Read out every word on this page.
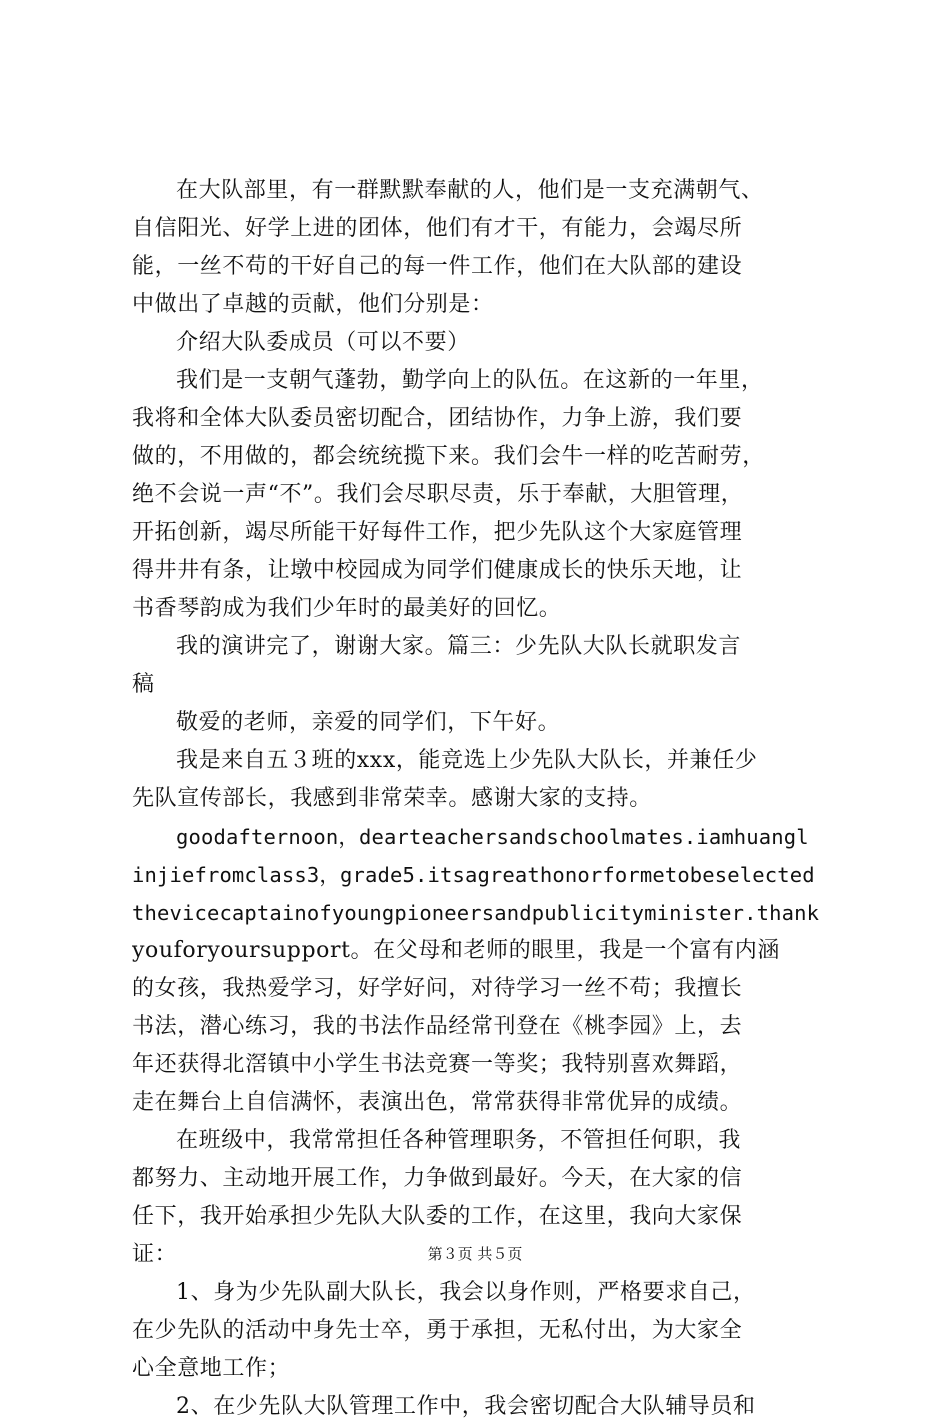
在大队部里，有一群默默奉献的人，他们是一支充满朝气、
自信阳光、好学上进的团体，他们有才干，有能力，会竭尽所
能，一丝不苟的干好自己的每一件工作，他们在大队部的建设
中做出了卓越的贡献，他们分别是：
介绍大队委成员（可以不要）
我们是一支朝气蓬勃，勤学向上的队伍。在这新的一年里，
我将和全体大队委员密切配合，团结协作，力争上游，我们要
做的，不用做的，都会统统揽下来。我们会牛一样的吃苦耐劳，
绝不会说一声“不”。我们会尽职尽责，乐于奉献，大胆管理，
开拓创新，竭尽所能干好每件工作，把少先队这个大家庭管理
得井井有条，让墩中校园成为同学们健康成长的快乐天地，让
书香琴韵成为我们少年时的最美好的回忆。
我的演讲完了，谢谢大家。篇三：少先队大队长就职发言
稿
敬爱的老师，亲爱的同学们，下午好。
我是来自五３班的xxx，能竞选上少先队大队长，并兼任少
先队宣传部长，我感到非常荣幸。感谢大家的支持。
goodafternoon，dearteachersandschoolmates.iamhuangl
injiefromclass3，grade5.itsagreathonorformetobeselected
thevicecaptainofyoungpioneersandpublicityminister.thank
youforyoursupport。在父母和老师的眼里，我是一个富有内涵
的女孩，我热爱学习，好学好问，对待学习一丝不苟；我擅长
书法，潜心练习，我的书法作品经常刊登在《桃李园》上，去
年还获得北滘镇中小学生书法竞赛一等奖；我特别喜欢舞蹈，
走在舞台上自信满怀，表演出色，常常获得非常优异的成绩。
在班级中，我常常担任各种管理职务，不管担任何职，我
都努力、主动地开展工作，力争做到最好。今天，在大家的信
任下，我开始承担少先队大队委的工作，在这里，我向大家保
证：
1、身为少先队副大队长，我会以身作则，严格要求自己，
在少先队的活动中身先士卒，勇于承担，无私付出，为大家全
心全意地工作；
2、在少先队大队管理工作中，我会密切配合大队辅导员和
第３页 共５页
